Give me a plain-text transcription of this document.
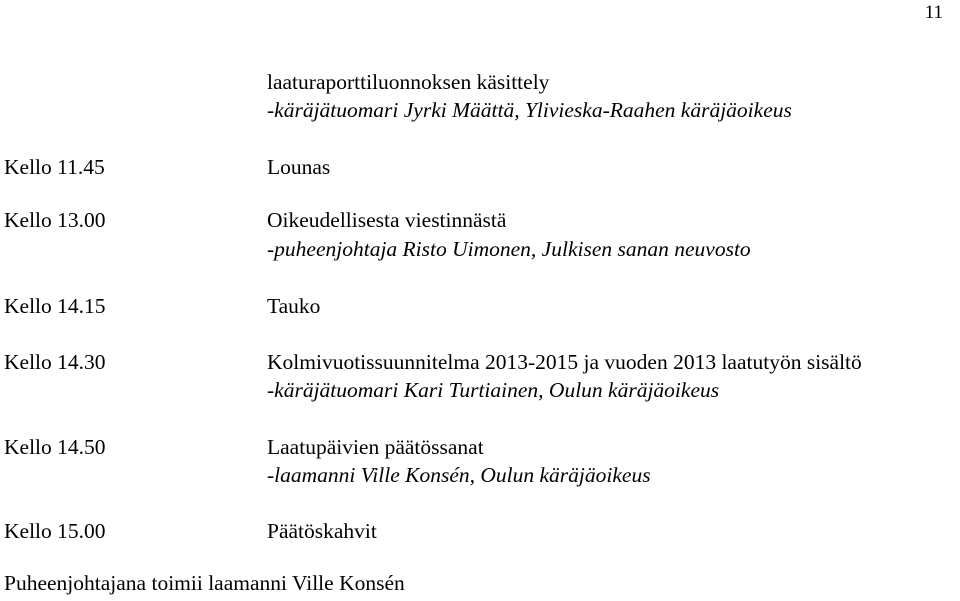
11
laaturaporttiluonnoksen käsittely
-käräjätuomari Jyrki Määttä, Ylivieska-Raahen käräjäoikeus
Kello 11.45	Lounas
Kello 13.00	Oikeudellisesta viestinnästä
-puheenjohtaja Risto Uimonen, Julkisen sanan neuvosto
Kello 14.15	Tauko
Kello 14.30	Kolmivuotissuunnitelma 2013-2015 ja vuoden 2013 laatutyön sisältö
-käräjätuomari Kari Turtiainen, Oulun käräjäoikeus
Kello 14.50	Laatupäivien päätössanat
-laamanni Ville Konsén, Oulun käräjäoikeus
Kello 15.00	Päätöskahvit
Puheenjohtajana toimii laamanni Ville Konsén
